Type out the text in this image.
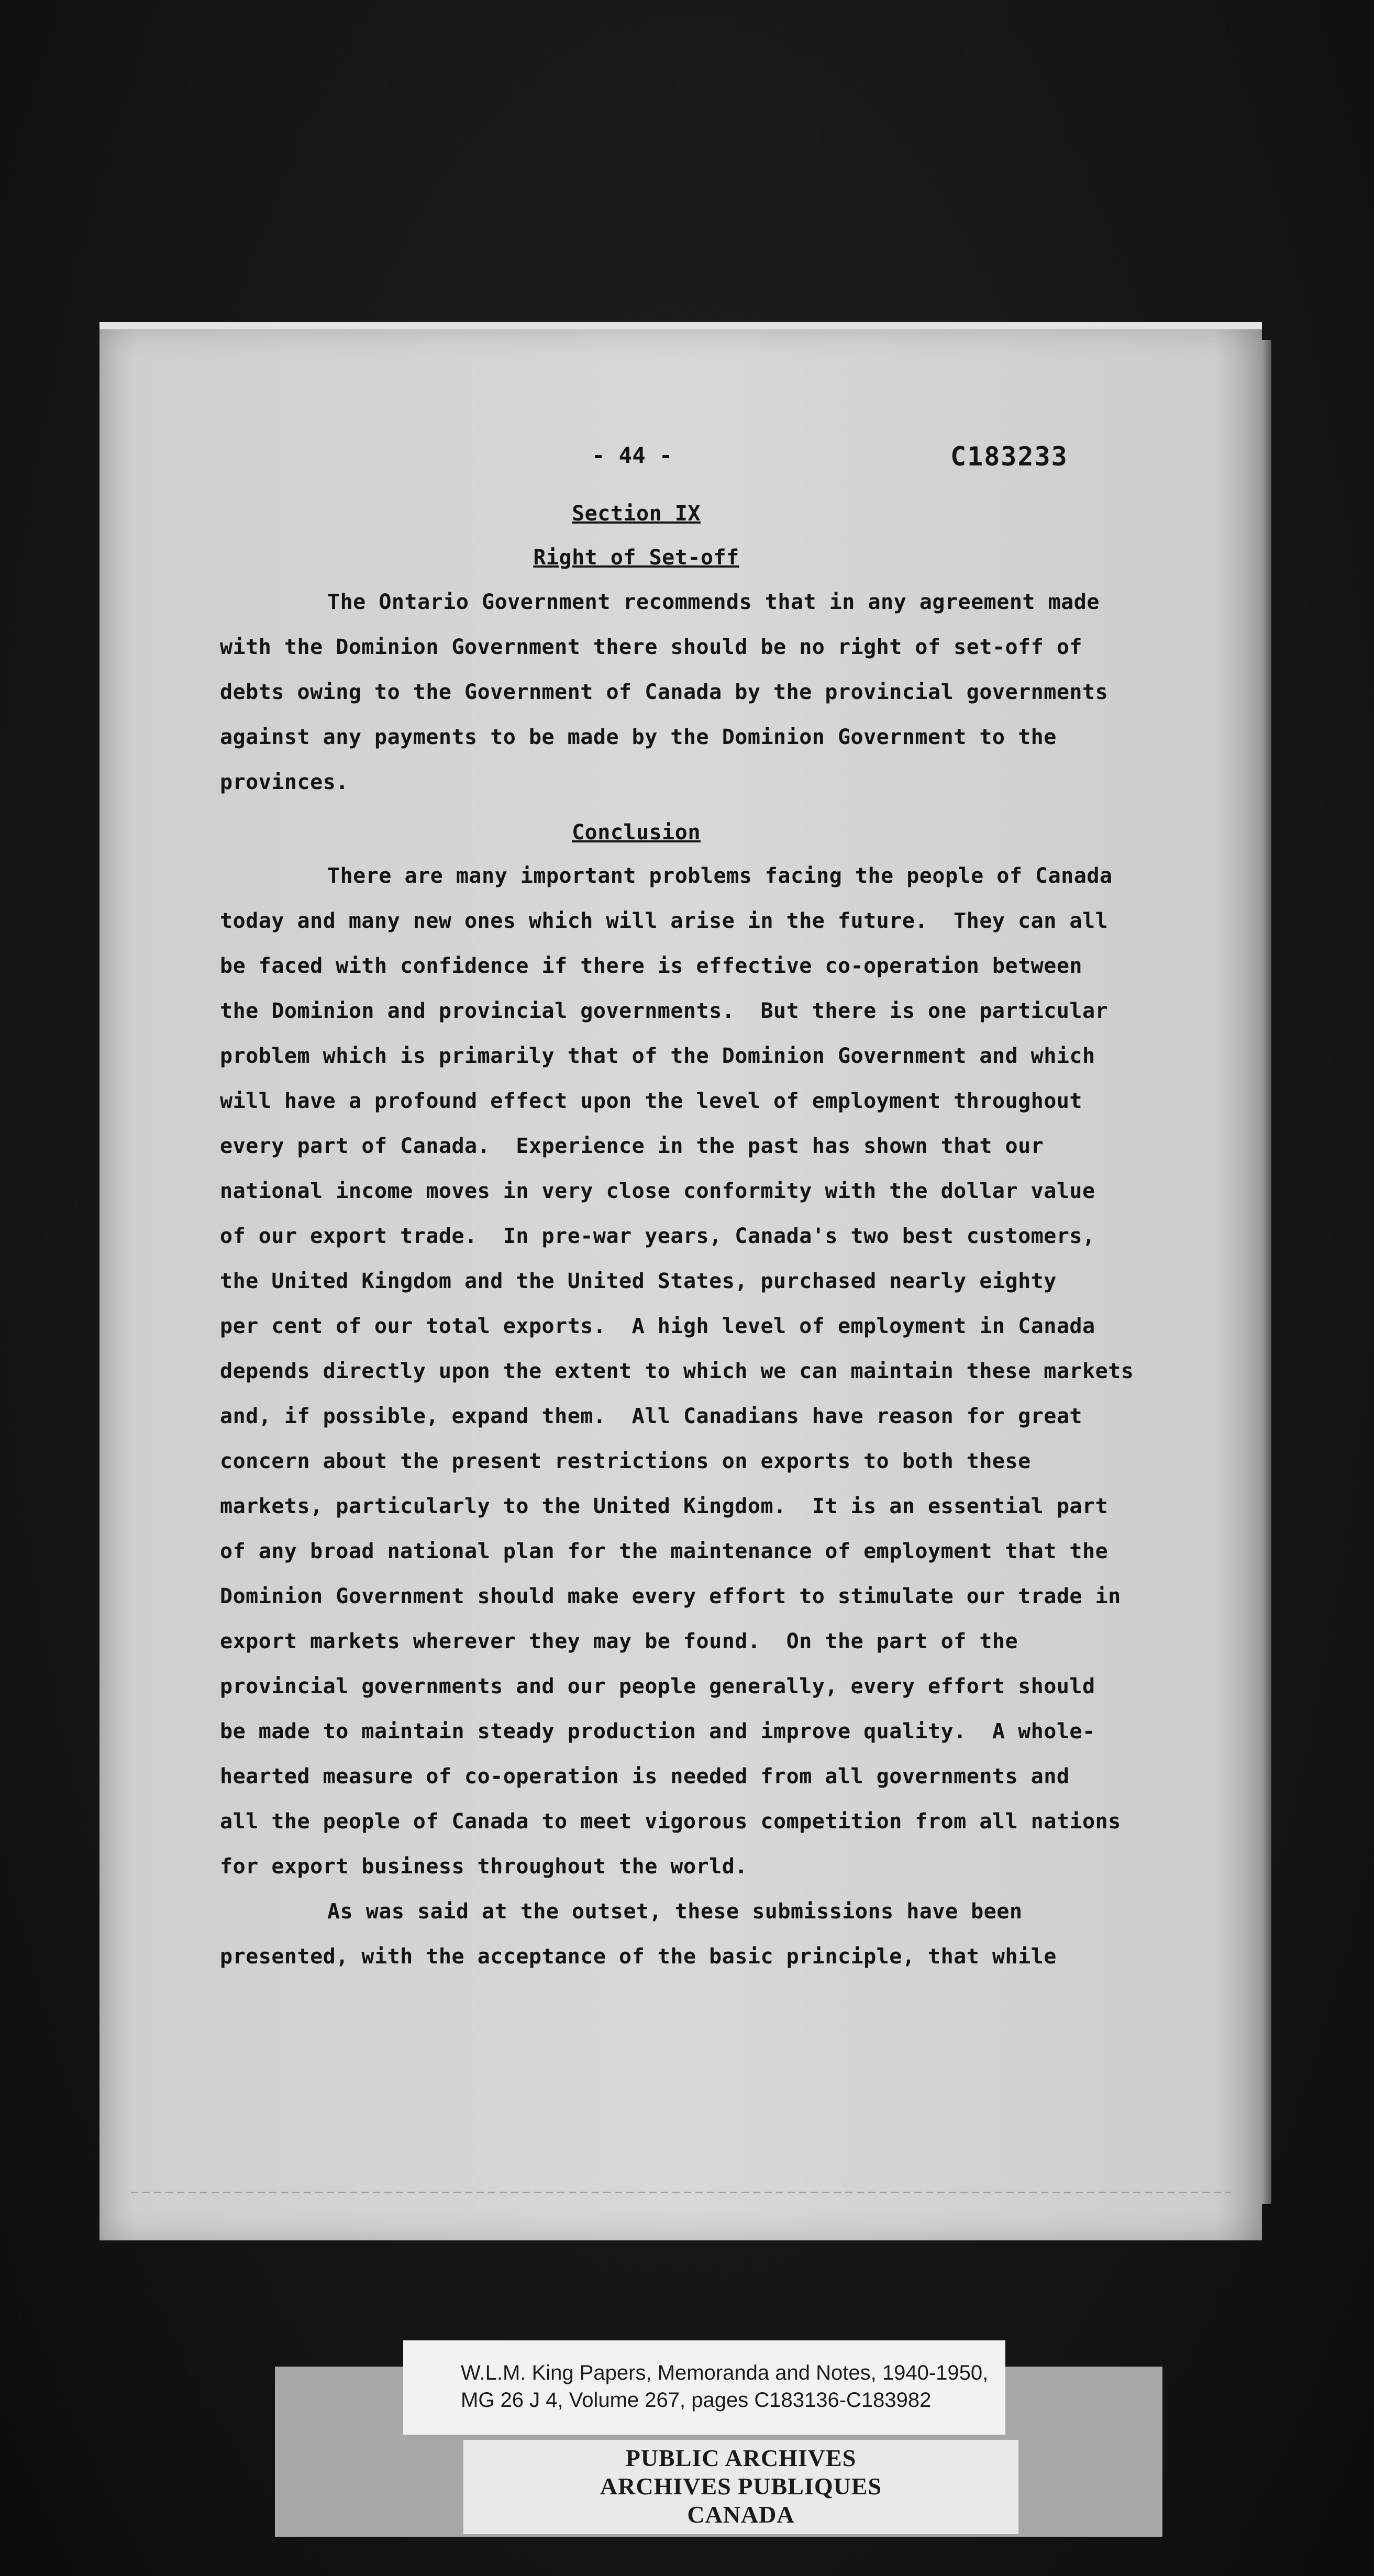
- 44 -	C183233
Section IX
Right of Set-off
The Ontario Government recommends that in any agreement made
with the Dominion Government there should be no right of set-off of
debts owing to the Government of Canada by the provincial governments
against any payments to be made by the Dominion Government to the
provinces.
Conclusion
There are many important problems facing the people of Canada
today and many new ones which will arise in the future.  They can all
be faced with confidence if there is effective co-operation between
the Dominion and provincial governments.  But there is one particular
problem which is primarily that of the Dominion Government and which
will have a profound effect upon the level of employment throughout
every part of Canada.  Experience in the past has shown that our
national income moves in very close conformity with the dollar value
of our export trade.  In pre-war years, Canada's two best customers,
the United Kingdom and the United States, purchased nearly eighty
per cent of our total exports.  A high level of employment in Canada
depends directly upon the extent to which we can maintain these markets
and, if possible, expand them.  All Canadians have reason for great
concern about the present restrictions on exports to both these
markets, particularly to the United Kingdom.  It is an essential part
of any broad national plan for the maintenance of employment that the
Dominion Government should make every effort to stimulate our trade in
export markets wherever they may be found.  On the part of the
provincial governments and our people generally, every effort should
be made to maintain steady production and improve quality.  A whole-
hearted measure of co-operation is needed from all governments and
all the people of Canada to meet vigorous competition from all nations
for export business throughout the world.
As was said at the outset, these submissions have been
presented, with the acceptance of the basic principle, that while
W.L.M. King Papers, Memoranda and Notes, 1940-1950,
MG 26 J 4, Volume 267, pages C183136-C183982
PUBLIC ARCHIVES
ARCHIVES PUBLIQUES
CANADA
